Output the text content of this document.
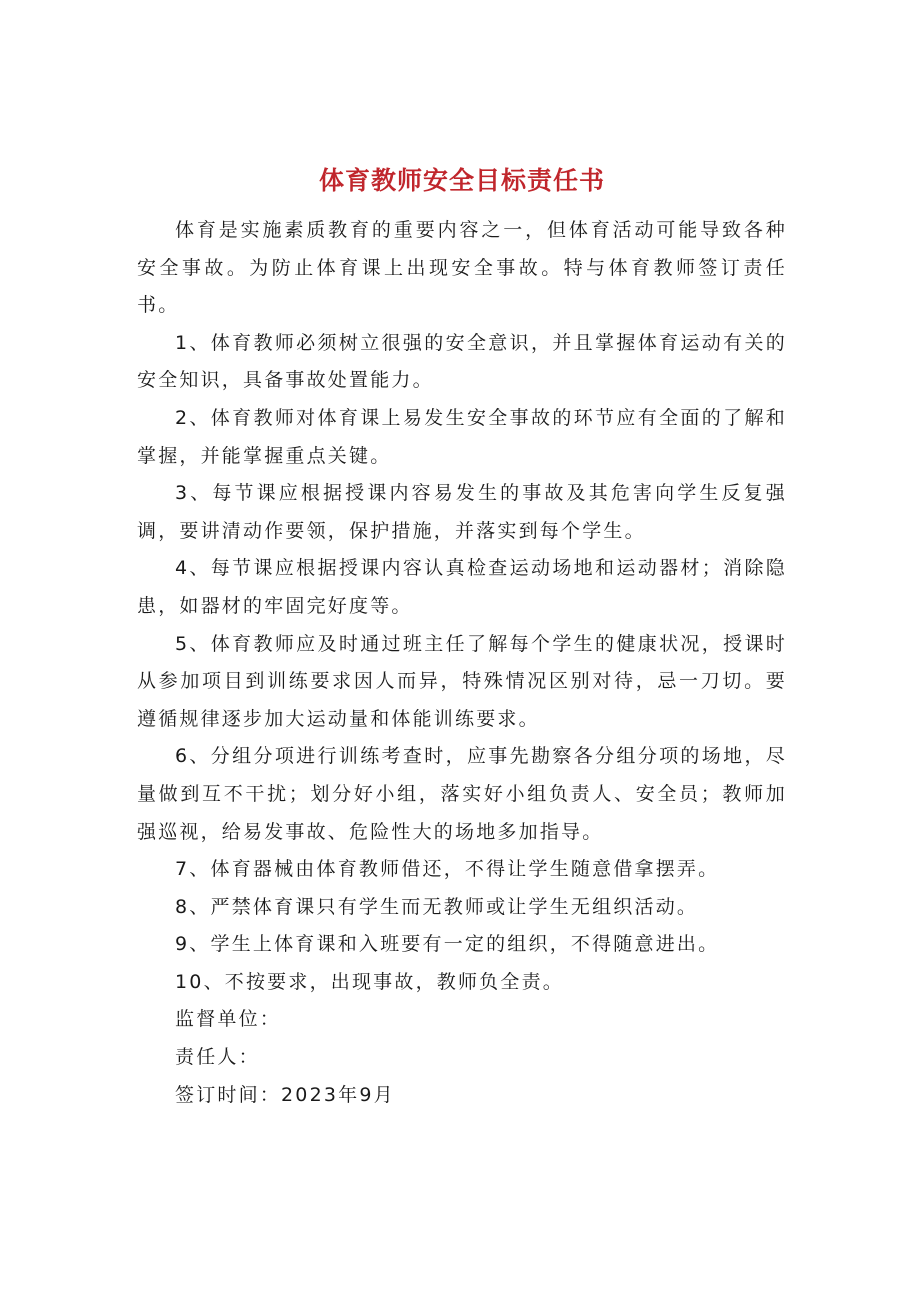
体育教师安全目标责任书

体育是实施素质教育的重要内容之一，但体育活动可能导致各种安全事故。为防止体育课上出现安全事故。特与体育教师签订责任书。

1、体育教师必须树立很强的安全意识，并且掌握体育运动有关的安全知识，具备事故处置能力。

2、体育教师对体育课上易发生安全事故的环节应有全面的了解和掌握，并能掌握重点关键。

3、每节课应根据授课内容易发生的事故及其危害向学生反复强调，要讲清动作要领，保护措施，并落实到每个学生。

4、每节课应根据授课内容认真检查运动场地和运动器材；消除隐患，如器材的牢固完好度等。

5、体育教师应及时通过班主任了解每个学生的健康状况，授课时从参加项目到训练要求因人而异，特殊情况区别对待，忌一刀切。要遵循规律逐步加大运动量和体能训练要求。

6、分组分项进行训练考查时，应事先勘察各分组分项的场地，尽量做到互不干扰；划分好小组，落实好小组负责人、安全员；教师加强巡视，给易发事故、危险性大的场地多加指导。

7、体育器械由体育教师借还，不得让学生随意借拿摆弄。

8、严禁体育课只有学生而无教师或让学生无组织活动。

9、学生上体育课和入班要有一定的组织，不得随意进出。

10、不按要求，出现事故，教师负全责。

监督单位：

责任人：

签订时间：2023年9月
